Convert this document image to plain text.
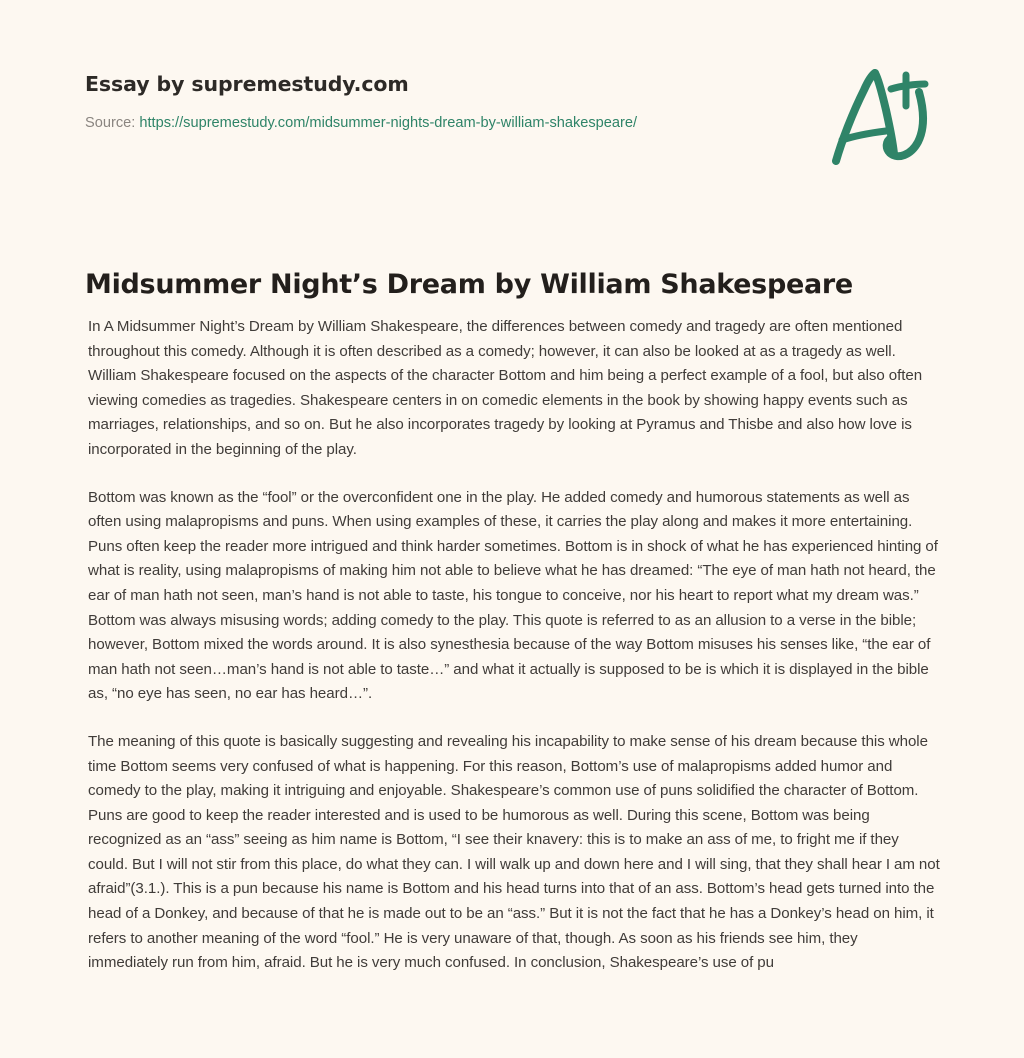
Essay by supremestudy.com
Source: https://supremestudy.com/midsummer-nights-dream-by-william-shakespeare/
Midsummer Night’s Dream by William Shakespeare

In A Midsummer Night’s Dream by William Shakespeare, the differences between comedy and tragedy are often mentioned throughout this comedy. Although it is often described as a comedy; however, it can also be looked at as a tragedy as well. William Shakespeare focused on the aspects of the character Bottom and him being a perfect example of a fool, but also often viewing comedies as tragedies. Shakespeare centers in on comedic elements in the book by showing happy events such as marriages, relationships, and so on. But he also incorporates tragedy by looking at Pyramus and Thisbe and also how love is incorporated in the beginning of the play.

Bottom was known as the “fool” or the overconfident one in the play. He added comedy and humorous statements as well as often using malapropisms and puns. When using examples of these, it carries the play along and makes it more entertaining. Puns often keep the reader more intrigued and think harder sometimes. Bottom is in shock of what he has experienced hinting of what is reality, using malapropisms of making him not able to believe what he has dreamed: “The eye of man hath not heard, the ear of man hath not seen, man’s hand is not able to taste, his tongue to conceive, nor his heart to report what my dream was.” Bottom was always misusing words; adding comedy to the play. This quote is referred to as an allusion to a verse in the bible; however, Bottom mixed the words around. It is also synesthesia because of the way Bottom misuses his senses like, “the ear of man hath not seen…man’s hand is not able to taste…” and what it actually is supposed to be is which it is displayed in the bible as, “no eye has seen, no ear has heard…”.

The meaning of this quote is basically suggesting and revealing his incapability to make sense of his dream because this whole time Bottom seems very confused of what is happening. For this reason, Bottom’s use of malapropisms added humor and comedy to the play, making it intriguing and enjoyable. Shakespeare’s common use of puns solidified the character of Bottom. Puns are good to keep the reader interested and is used to be humorous as well. During this scene, Bottom was being recognized as an “ass” seeing as him name is Bottom, “I see their knavery: this is to make an ass of me, to fright me if they could. But I will not stir from this place, do what they can. I will walk up and down here and I will sing, that they shall hear I am not afraid”(3.1.). This is a pun because his name is Bottom and his head turns into that of an ass. Bottom’s head gets turned into the head of a Donkey, and because of that he is made out to be an “ass.” But it is not the fact that he has a Donkey’s head on him, it refers to another meaning of the word “fool.” He is very unaware of that, though. As soon as his friends see him, they immediately run from him, afraid. But he is very much confused. In conclusion, Shakespeare’s use of pu
